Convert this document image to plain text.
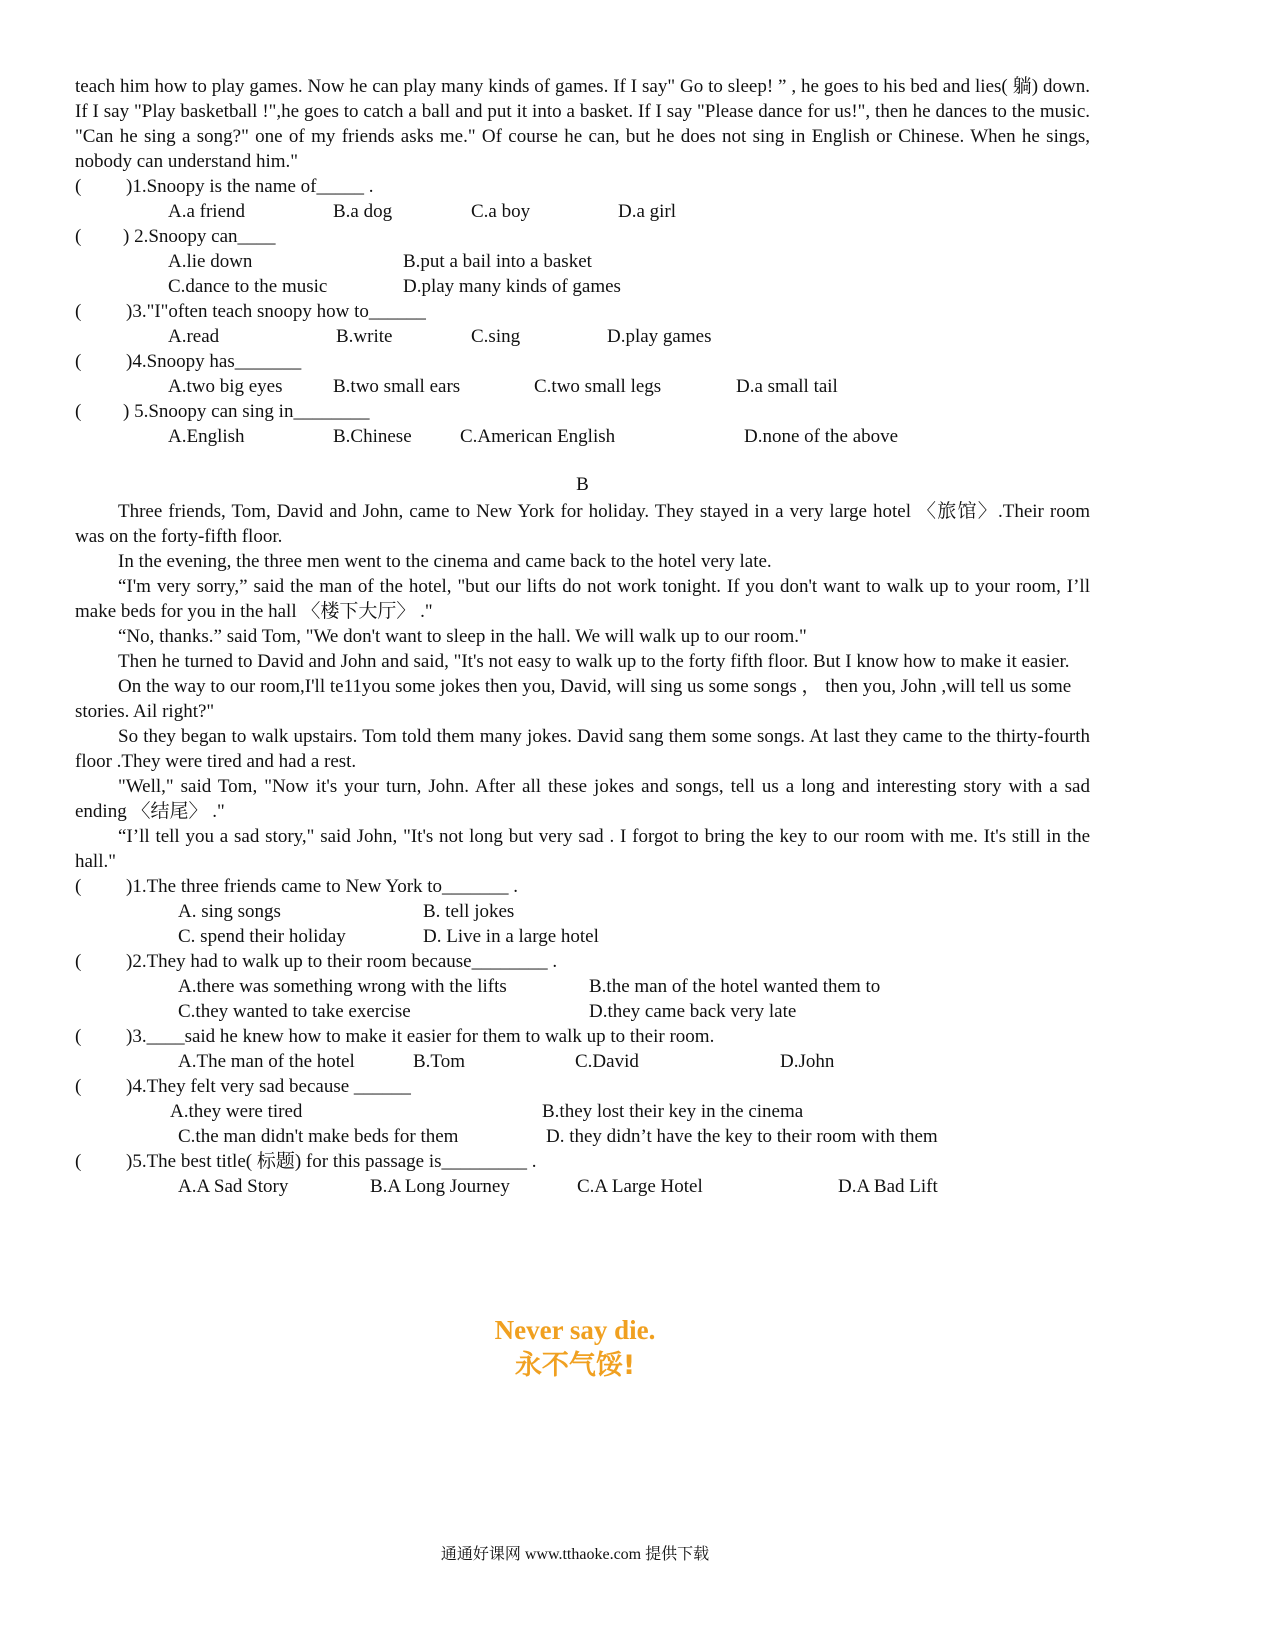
teach him how to play games. Now he can play many kinds of games. If I say" Go to sleep! ” , he goes to his bed and lies( 躺) down. If I say "Play basketball !",he goes to catch a ball and put it into a basket. If I say "Please dance for us!", then he dances to the music. "Can he sing a song?" one of my friends asks me." Of course he can, but he does not sing in English or Chinese. When he sings, nobody can understand him."

( )1.Snoopy is the name of_____ .
A.a friend	B.a dog	C.a boy	D.a girl
( ) 2.Snoopy can____
A.lie down	B.put a bail into a basket
C.dance to the music	D.play many kinds of games
( )3."I"often teach snoopy how to______
A.read	B.write	C.sing	D.play games
( )4.Snoopy has_______
A.two big eyes	B.two small ears	C.two small legs	D.a small tail
( ) 5.Snoopy can sing in________
A.English	B.Chinese	C.American English	D.none of the above
B

Three friends, Tom, David and John, came to New York for holiday. They stayed in a very large hotel 〈旅馆〉.Their room was on the forty-fifth floor.

In the evening, the three men went to the cinema and came back to the hotel very late.

“I'm very sorry,” said the man of the hotel, "but our lifts do not work tonight. If you don't want to walk up to your room, I’ll make beds for you in the hall 〈楼下大厅〉 ."

“No, thanks.” said Tom, "We don't want to sleep in the hall. We will walk up to our room."

Then he turned to David and John and said, "It's not easy to walk up to the forty fifth floor. But I know how to make it easier.

On the way to our room,I'll te11you some jokes then you, David, will sing us some songs ， then you, John ,will tell us some stories. Ail right?"

So they began to walk upstairs. Tom told them many jokes. David sang them some songs. At last they came to the thirty-fourth floor .They were tired and had a rest.

"Well," said Tom, "Now it's your turn, John. After all these jokes and songs, tell us a long and interesting story with a sad ending 〈结尾〉 ."

“I’ll tell you a sad story," said John, "It's not long but very sad . I forgot to bring the key to our room with me. It's still in the hall."

( )1.The three friends came to New York to_______ .
A. sing songs	B. tell jokes
C. spend their holiday	D. Live in a large hotel
( )2.They had to walk up to their room because________ .
A.there was something wrong with the lifts	B.the man of the hotel wanted them to
C.they wanted to take exercise	D.they came back very late
( )3.____said he knew how to make it easier for them to walk up to their room.
A.The man of the hotel	B.Tom	C.David	D.John
( )4.They felt very sad because ______
A.they were tired	B.they lost their key in the cinema
C.the man didn't make beds for them	D. they didn’t have the key to their room with them
( )5.The best title( 标题) for this passage is_________ .
A.A Sad Story	B.A Long Journey	C.A Large Hotel	D.A Bad Lift
Never say die.
永不气馁!
通通好课网 www.tthaoke.com 提供下载
